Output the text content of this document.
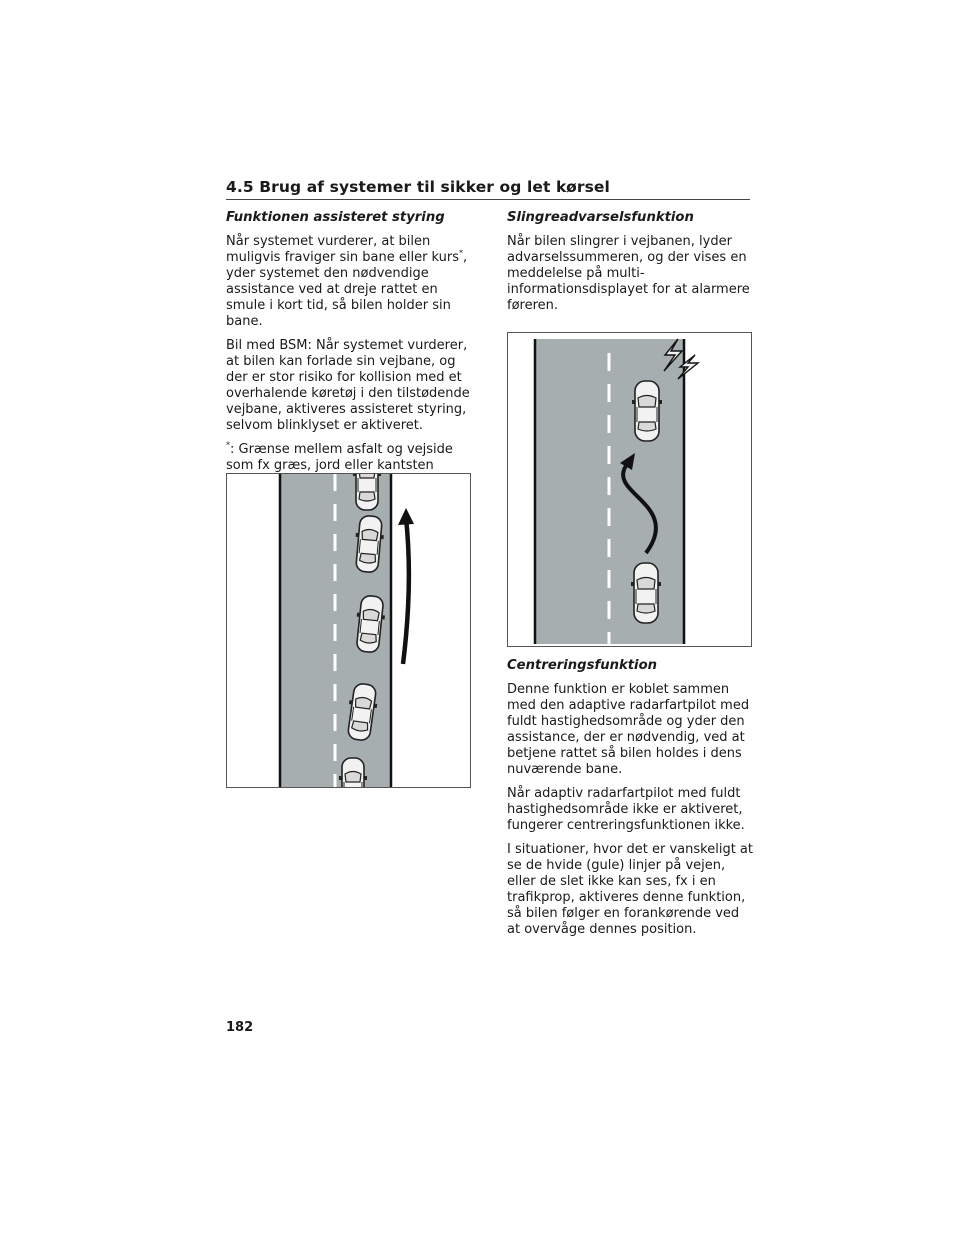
4.5 Brug af systemer til sikker og let kørsel

Funktionen assisteret styring

Når systemet vurderer, at bilen muligvis fraviger sin bane eller kurs*, yder systemet den nødvendige assistance ved at dreje rattet en smule i kort tid, så bilen holder sin bane.

Bil med BSM: Når systemet vurderer, at bilen kan forlade sin vejbane, og der er stor risiko for kollision med et overhalende køretøj i den tilstødende vejbane, aktiveres assisteret styring, selvom blinklyset er aktiveret.

*: Grænse mellem asfalt og vejside som fx græs, jord eller kantsten

Slingreadvarselsfunktion

Når bilen slingrer i vejbanen, lyder advarselssummeren, og der vises en meddelelse på multi-informationsdisplayet for at alarmere føreren.

Centreringsfunktion

Denne funktion er koblet sammen med den adaptive radarfartpilot med fuldt hastighedsområde og yder den assistance, der er nødvendig, ved at betjene rattet så bilen holdes i dens nuværende bane.

Når adaptiv radarfartpilot med fuldt hastighedsområde ikke er aktiveret, fungerer centreringsfunktionen ikke.

I situationer, hvor det er vanskeligt at se de hvide (gule) linjer på vejen, eller de slet ikke kan ses, fx i en trafikprop, aktiveres denne funktion, så bilen følger en forankørende ved at overvåge dennes position.

182
